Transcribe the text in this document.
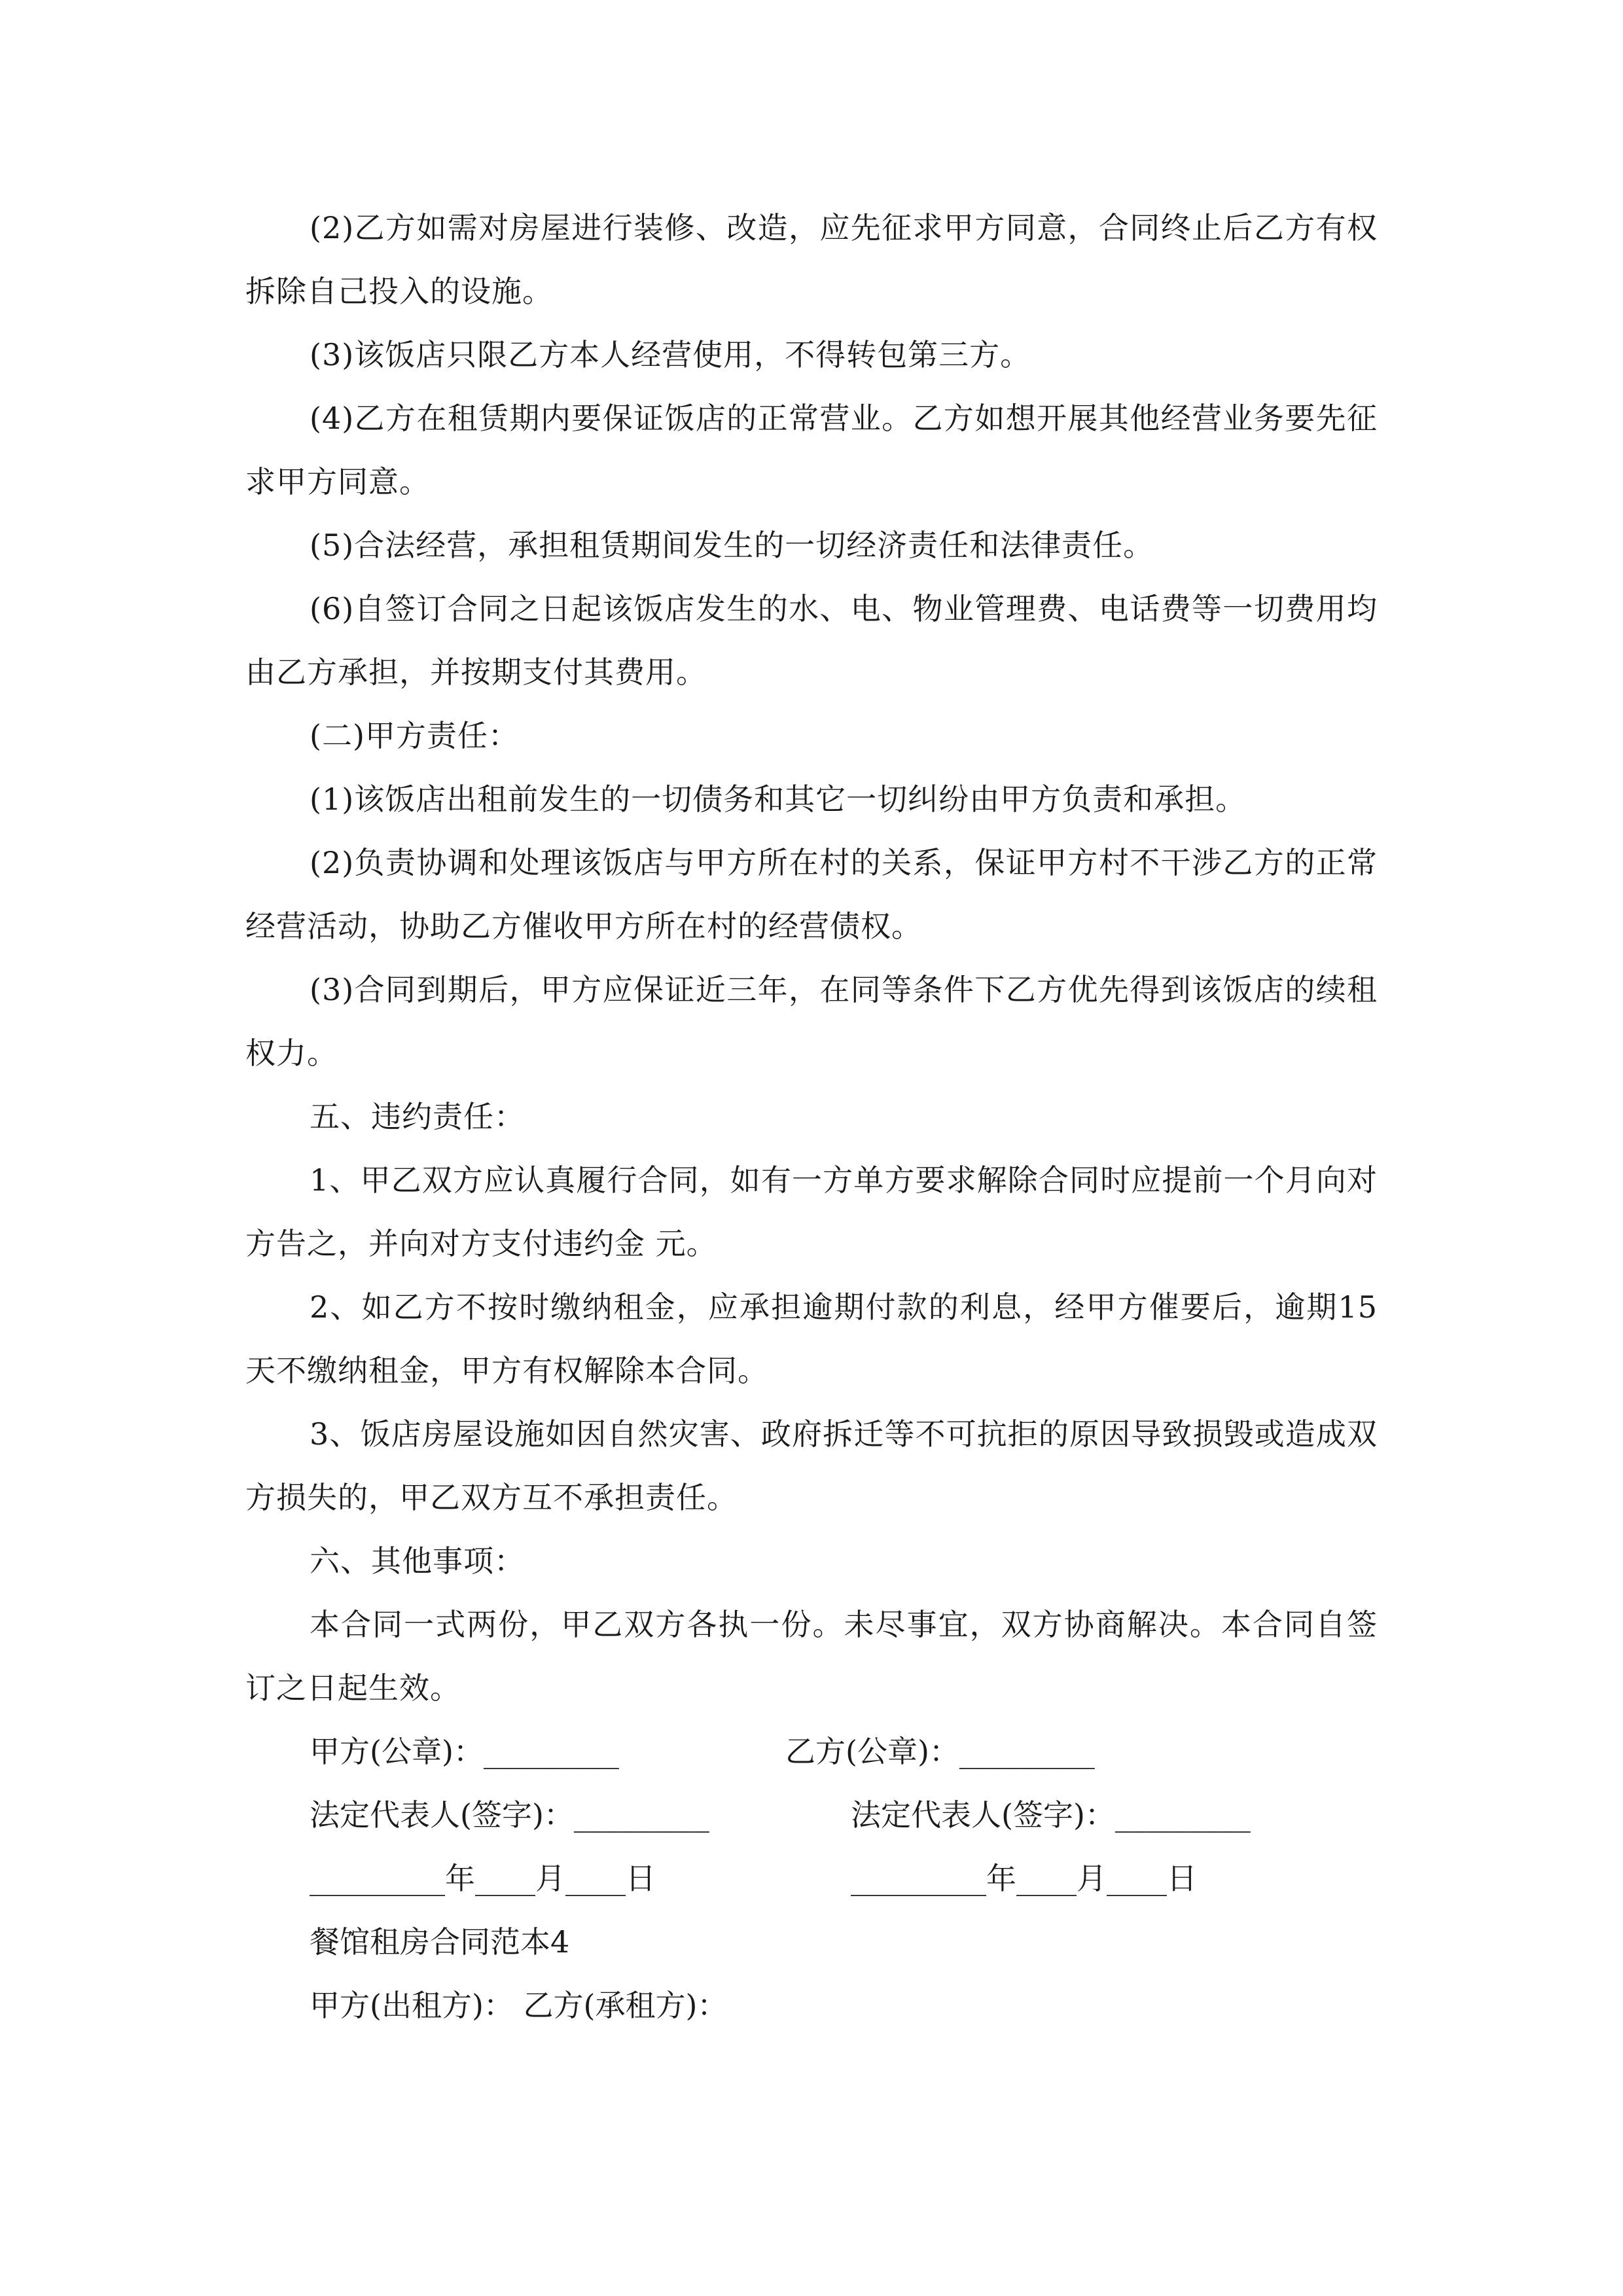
(2)乙方如需对房屋进行装修、改造，应先征求甲方同意，合同终止后乙方有权拆除自己投入的设施。

(3)该饭店只限乙方本人经营使用，不得转包第三方。

(4)乙方在租赁期内要保证饭店的正常营业。乙方如想开展其他经营业务要先征求甲方同意。

(5)合法经营，承担租赁期间发生的一切经济责任和法律责任。

(6)自签订合同之日起该饭店发生的水、电、物业管理费、电话费等一切费用均由乙方承担，并按期支付其费用。

(二)甲方责任：

(1)该饭店出租前发生的一切债务和其它一切纠纷由甲方负责和承担。

(2)负责协调和处理该饭店与甲方所在村的关系，保证甲方村不干涉乙方的正常经营活动，协助乙方催收甲方所在村的经营债权。

(3)合同到期后，甲方应保证近三年，在同等条件下乙方优先得到该饭店的续租权力。

五、违约责任：

1、甲乙双方应认真履行合同，如有一方单方要求解除合同时应提前一个月向对方告之，并向对方支付违约金 元。

2、如乙方不按时缴纳租金，应承担逾期付款的利息，经甲方催要后，逾期15天不缴纳租金，甲方有权解除本合同。

3、饭店房屋设施如因自然灾害、政府拆迁等不可抗拒的原因导致损毁或造成双方损失的，甲乙双方互不承担责任。

六、其他事项：

本合同一式两份，甲乙双方各执一份。未尽事宜，双方协商解决。本合同自签订之日起生效。

甲方(公章)：_________	乙方(公章)：_________
法定代表人(签字)：_________	法定代表人(签字)：_________
_________年____月____日	_________年____月____日
餐馆租房合同范本4
甲方(出租方)： 乙方(承租方)：
